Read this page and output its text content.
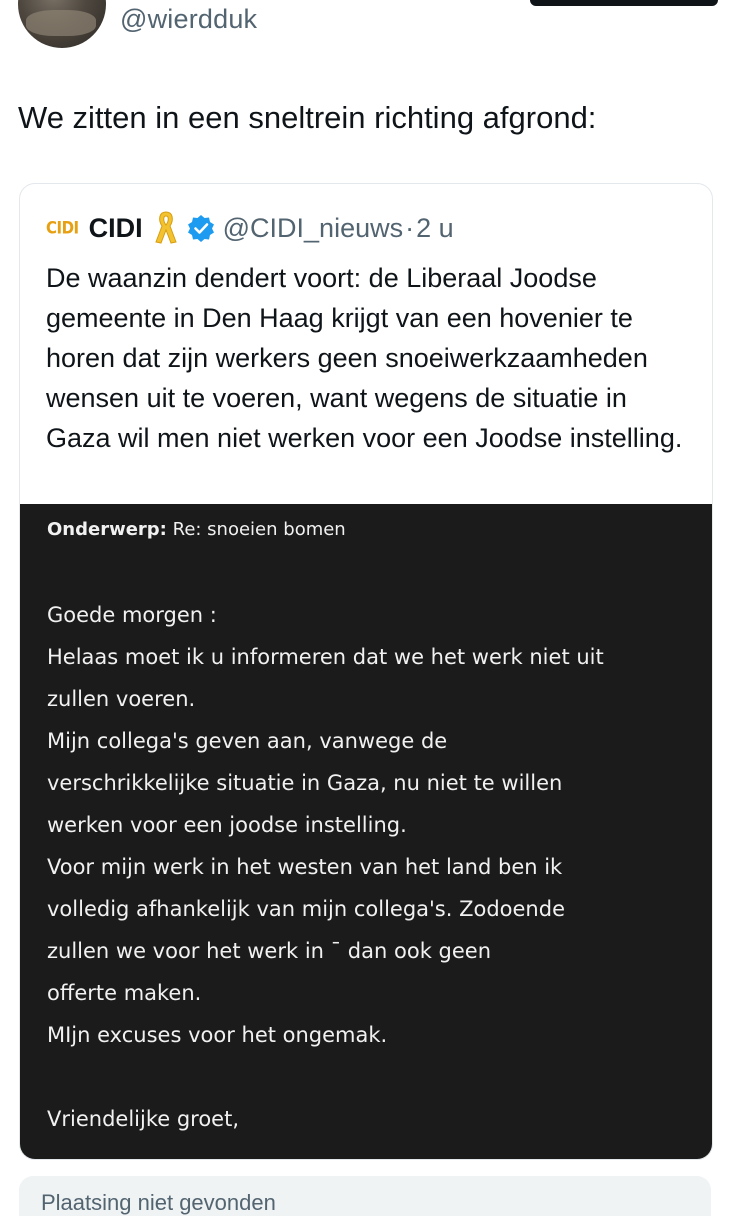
@wierdduk
We zitten in een sneltrein richting afgrond:
CIDI CIDI	@CIDI_nieuws · 2 u
De waanzin dendert voort: de Liberaal Joodse gemeente in Den Haag krijgt van een hovenier te horen dat zijn werkers geen snoeiwerkzaamheden wensen uit te voeren, want wegens de situatie in Gaza wil men niet werken voor een Joodse instelling.
Onderwerp: Re: snoeien bomen
Goede morgen :
Helaas moet ik u informeren dat we het werk niet uit
zullen voeren.
Mijn collega's geven aan, vanwege de
verschrikkelijke situatie in Gaza, nu niet te willen
werken voor een joodse instelling.
Voor mijn werk in het westen van het land ben ik
volledig afhankelijk van mijn collega's. Zodoende
zullen we voor het werk in ˉ dan ook geen
offerte maken.
MIjn excuses voor het ongemak.
Vriendelijke groet,
Plaatsing niet gevonden
